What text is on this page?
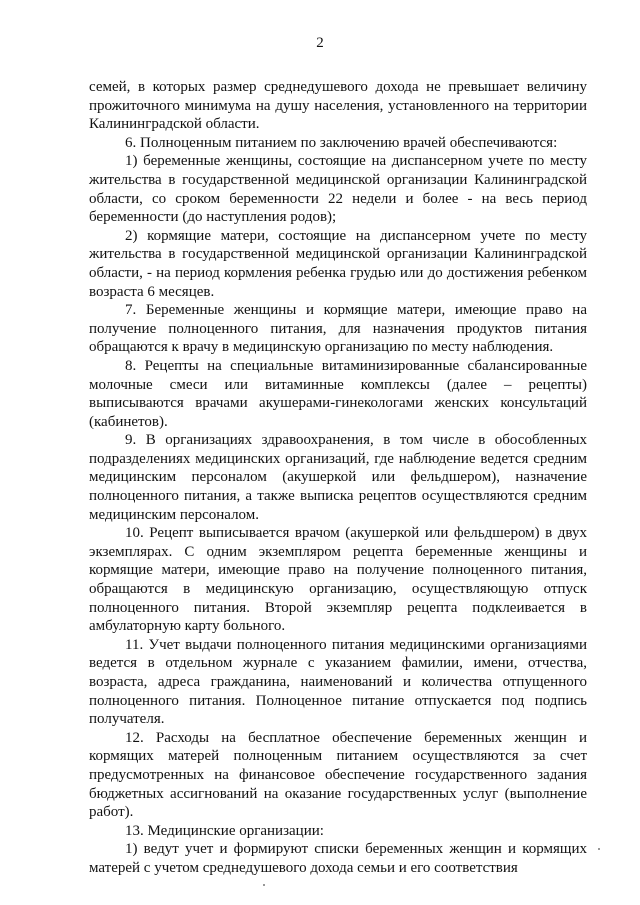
2

семей, в которых размер среднедушевого дохода не превышает величину прожиточного минимума на душу населения, установленного на территории Калининградской области.

6. Полноценным питанием по заключению врачей обеспечиваются:

1) беременные женщины, состоящие на диспансерном учете по месту жительства в государственной медицинской организации Калининградской области, со сроком беременности 22 недели и более - на весь период беременности (до наступления родов);

2) кормящие матери, состоящие на диспансерном учете по месту жительства в государственной медицинской организации Калининградской области, - на период кормления ребенка грудью или до достижения ребенком возраста 6 месяцев.

7. Беременные женщины и кормящие матери, имеющие право на получение полноценного питания, для назначения продуктов питания обращаются к врачу в медицинскую организацию по месту наблюдения.

8. Рецепты на специальные витаминизированные сбалансированные молочные смеси или витаминные комплексы (далее – рецепты) выписываются врачами акушерами-гинекологами женских консультаций (кабинетов).

9. В организациях здравоохранения, в том числе в обособленных подразделениях медицинских организаций, где наблюдение ведется средним медицинским персоналом (акушеркой или фельдшером), назначение полноценного питания, а также выписка рецептов осуществляются средним медицинским персоналом.

10. Рецепт выписывается врачом (акушеркой или фельдшером) в двух экземплярах. С одним экземпляром рецепта беременные женщины и кормящие матери, имеющие право на получение полноценного питания, обращаются в медицинскую организацию, осуществляющую отпуск полноценного питания. Второй экземпляр рецепта подклеивается в амбулаторную карту больного.

11. Учет выдачи полноценного питания медицинскими организациями ведется в отдельном журнале с указанием фамилии, имени, отчества, возраста, адреса гражданина, наименований и количества отпущенного полноценного питания. Полноценное питание отпускается под подпись получателя.

12. Расходы на бесплатное обеспечение беременных женщин и кормящих матерей полноценным питанием осуществляются за счет предусмотренных на финансовое обеспечение государственного задания бюджетных ассигнований на оказание государственных услуг (выполнение работ).

13. Медицинские организации:

1) ведут учет и формируют списки беременных женщин и кормящих матерей с учетом среднедушевого дохода семьи и его соответствия
